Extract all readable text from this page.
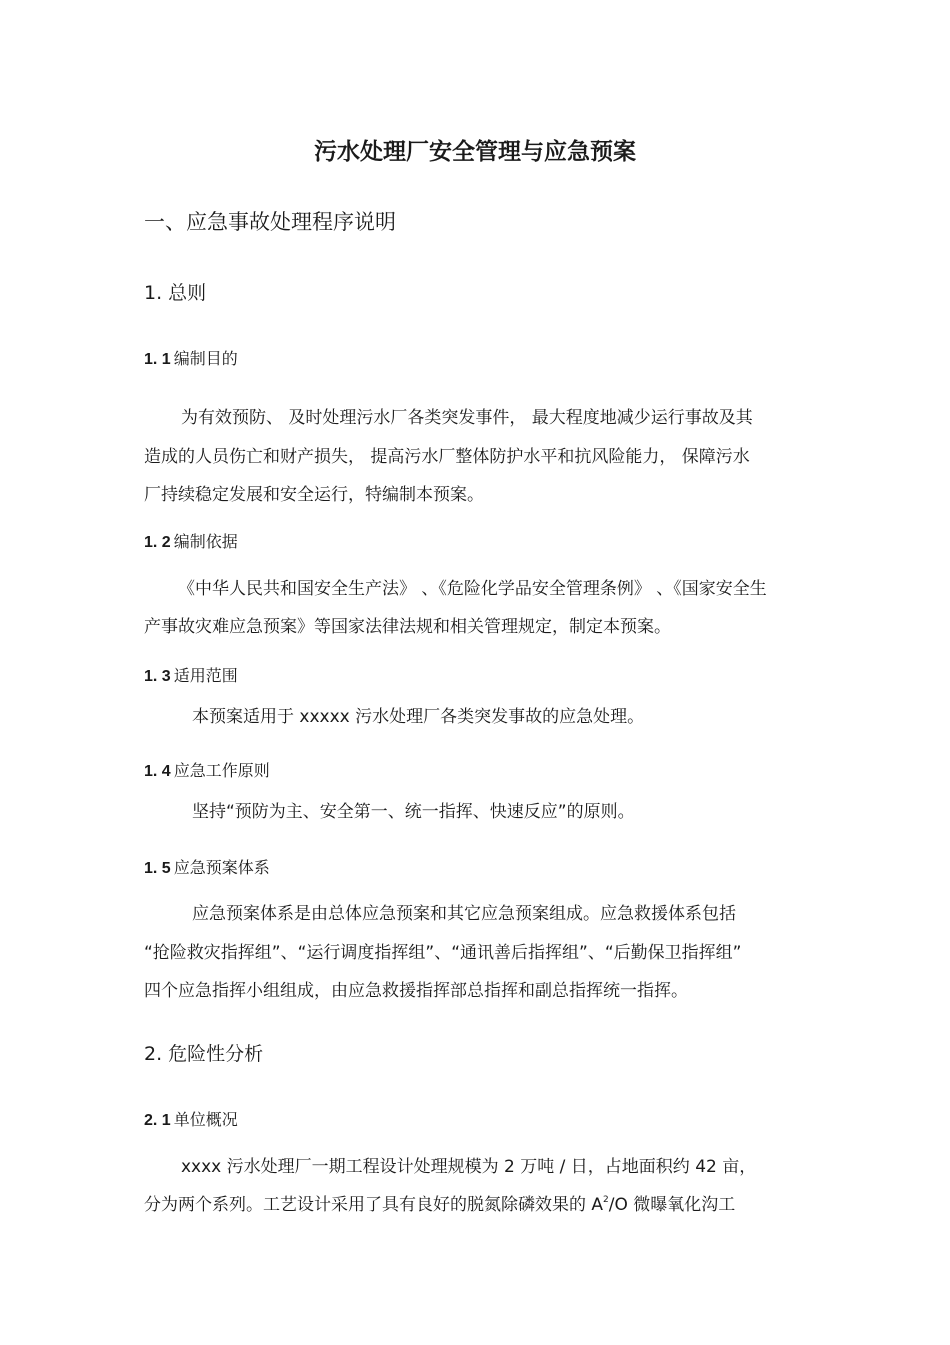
污水处理厂安全管理与应急预案
一、应急事故处理程序说明
1. 总则
1. 1 编制目的

为有效预防、 及时处理污水厂各类突发事件， 最大程度地减少运行事故及其

造成的人员伤亡和财产损失， 提高污水厂整体防护水平和抗风险能力， 保障污水

厂持续稳定发展和安全运行，特编制本预案。

1. 2 编制依据

《中华人民共和国安全生产法》 、《危险化学品安全管理条例》 、《国家安全生

产事故灾难应急预案》等国家法律法规和相关管理规定，制定本预案。

1. 3 适用范围

本预案适用于 xxxxx 污水处理厂各类突发事故的应急处理。

1. 4 应急工作原则

坚持“预防为主、安全第一、统一指挥、快速反应”的原则。

1. 5 应急预案体系

应急预案体系是由总体应急预案和其它应急预案组成。应急救援体系包括

“抢险救灾指挥组”、“运行调度指挥组”、“通讯善后指挥组”、“后勤保卫指挥组”

四个应急指挥小组组成，由应急救援指挥部总指挥和副总指挥统一指挥。

2. 危险性分析
2. 1 单位概况

xxxx 污水处理厂一期工程设计处理规模为 2 万吨 / 日，占地面积约 42 亩，

分为两个系列。工艺设计采用了具有良好的脱氮除磷效果的 $A^2/O$ 微曝氧化沟工
